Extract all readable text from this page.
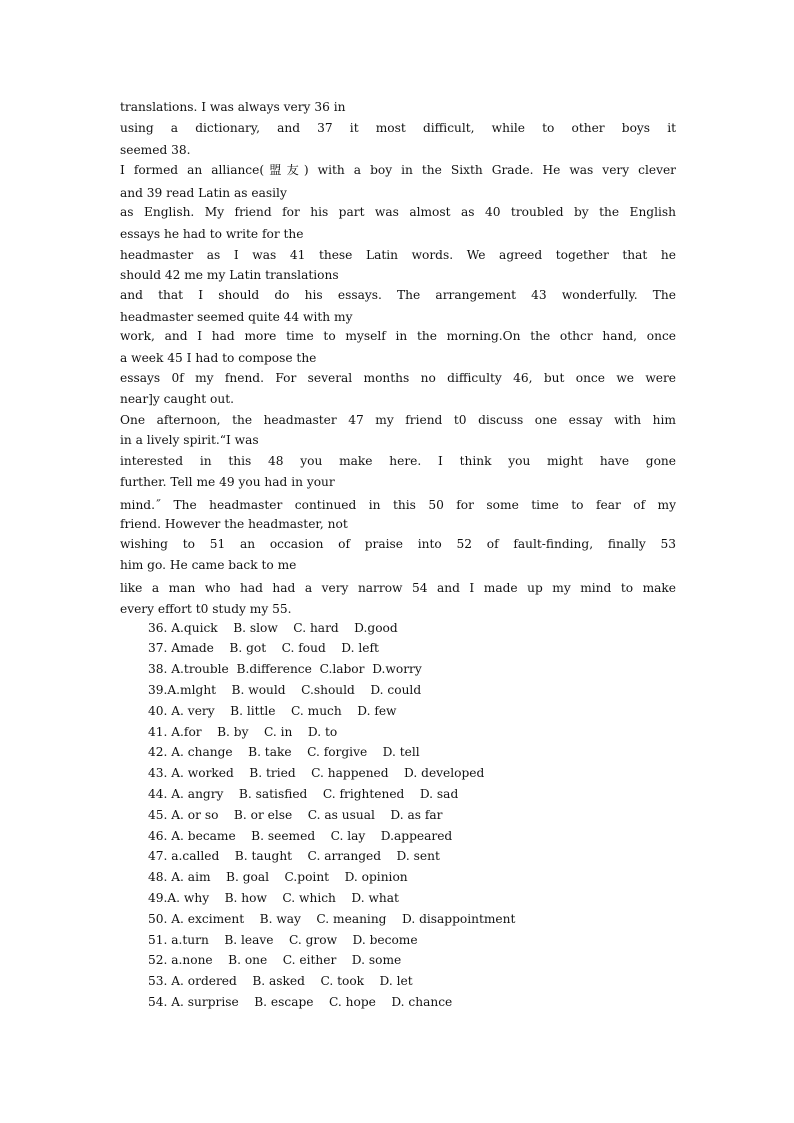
translations. I was always very 36 in
using a dictionary, and 37 it most difficult, while to other boys it
seemed 38.
I formed an alliance(盟友) with a boy in the Sixth Grade. He was very clever
and 39 read Latin as easily
as English. My friend for his part was almost as 40 troubled by the English
essays he had to write for the
headmaster as I was 41 these Latin words. We agreed together that he
should 42 me my Latin translations
and that I should do his essays. The arrangement 43 wonderfully. The
headmaster seemed quite 44 with my
work, and I had more time to myself in the morning.On the othcr hand, once
a week 45 I had to compose the
essays 0f my fnend. For several months no difficulty 46, but once we were
near]y caught out.
One afternoon, the headmaster 47 my friend t0 discuss one essay with him
in a lively spirit.“I was
interested in this 48 you make here. I think you might have gone
further. Tell me 49 you had in your
mind.˝ The headmaster continued in this 50 for some time to fear of my
friend. However the headmaster, not
wishing to 51 an occasion of praise into 52 of fault-finding, finally 53
him go. He came back to me
like a man who had had a very narrow 54 and I made up my mind to make
every effort t0 study my 55.
36. A.quick    B. slow    C. hard    D.good
37. Amade    B. got    C. foud    D. left
38. A.trouble  B.difference  C.labor  D.worry
39.A.mlght    B. would    C.should    D. could
40. A. very    B. little    C. much    D. few
41. A.for    B. by    C. in    D. to
42. A. change    B. take    C. forgive    D. tell
43. A. worked    B. tried    C. happened    D. developed
44. A. angry    B. satisfied    C. frightened    D. sad
45. A. or so    B. or else    C. as usual    D. as far
46. A. became    B. seemed    C. lay    D.appeared
47. a.called    B. taught    C. arranged    D. sent
48. A. aim    B. goal    C.point    D. opinion
49.A. why    B. how    C. which    D. what
50. A. exciment    B. way    C. meaning    D. disappointment
51. a.turn    B. leave    C. grow    D. become
52. a.none    B. one    C. either    D. some
53. A. ordered    B. asked    C. took    D. let
54. A. surprise    B. escape    C. hope    D. chance
